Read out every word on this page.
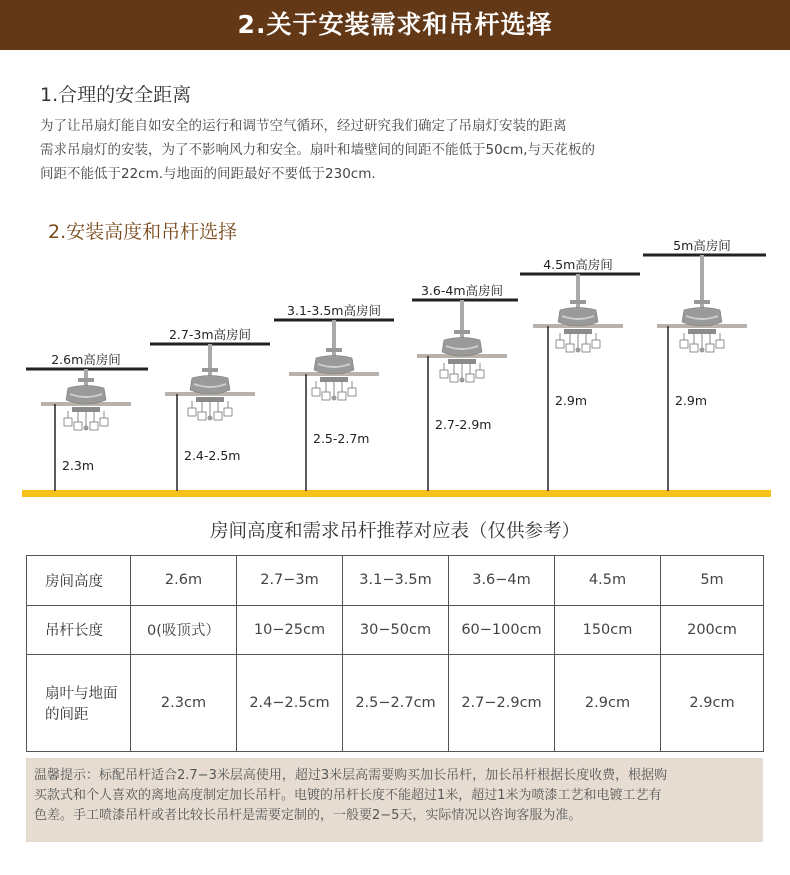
2.关于安装需求和吊杆选择
1.合理的安全距离
为了让吊扇灯能自如安全的运行和调节空气循环，经过研究我们确定了吊扇灯安装的距离
需求吊扇灯的安装，为了不影响风力和安全。扇叶和墙壁间的间距不能低于50cm,与天花板的
间距不能低于22cm.与地面的间距最好不要低于230cm.
2.安装高度和吊杆选择
2.6m高房间
2.3m
2.7-3m高房间
2.4-2.5m
3.1-3.5m高房间
2.5-2.7m
3.6-4m高房间
2.7-2.9m
4.5m高房间
2.9m
5m高房间
2.9m
房间高度和需求吊杆推荐对应表（仅供参考）
房间高度	2.6m	2.7−3m	3.1−3.5m	3.6−4m	4.5m	5m
吊杆长度	0(吸顶式）	10−25cm	30−50cm	60−100cm	150cm	200cm

扇叶与地面
的间距	2.3cm	2.4−2.5cm	2.5−2.7cm	2.7−2.9cm	2.9cm	2.9cm
温馨提示：标配吊杆适合2.7−3米层高使用，超过3米层高需要购买加长吊杆，加长吊杆根据长度收费，根据购
买款式和个人喜欢的离地高度制定加长吊杆。电镀的吊杆长度不能超过1米，超过1米为喷漆工艺和电镀工艺有
色差。手工喷漆吊杆或者比较长吊杆是需要定制的，一般要2−5天，实际情况以咨询客服为准。
